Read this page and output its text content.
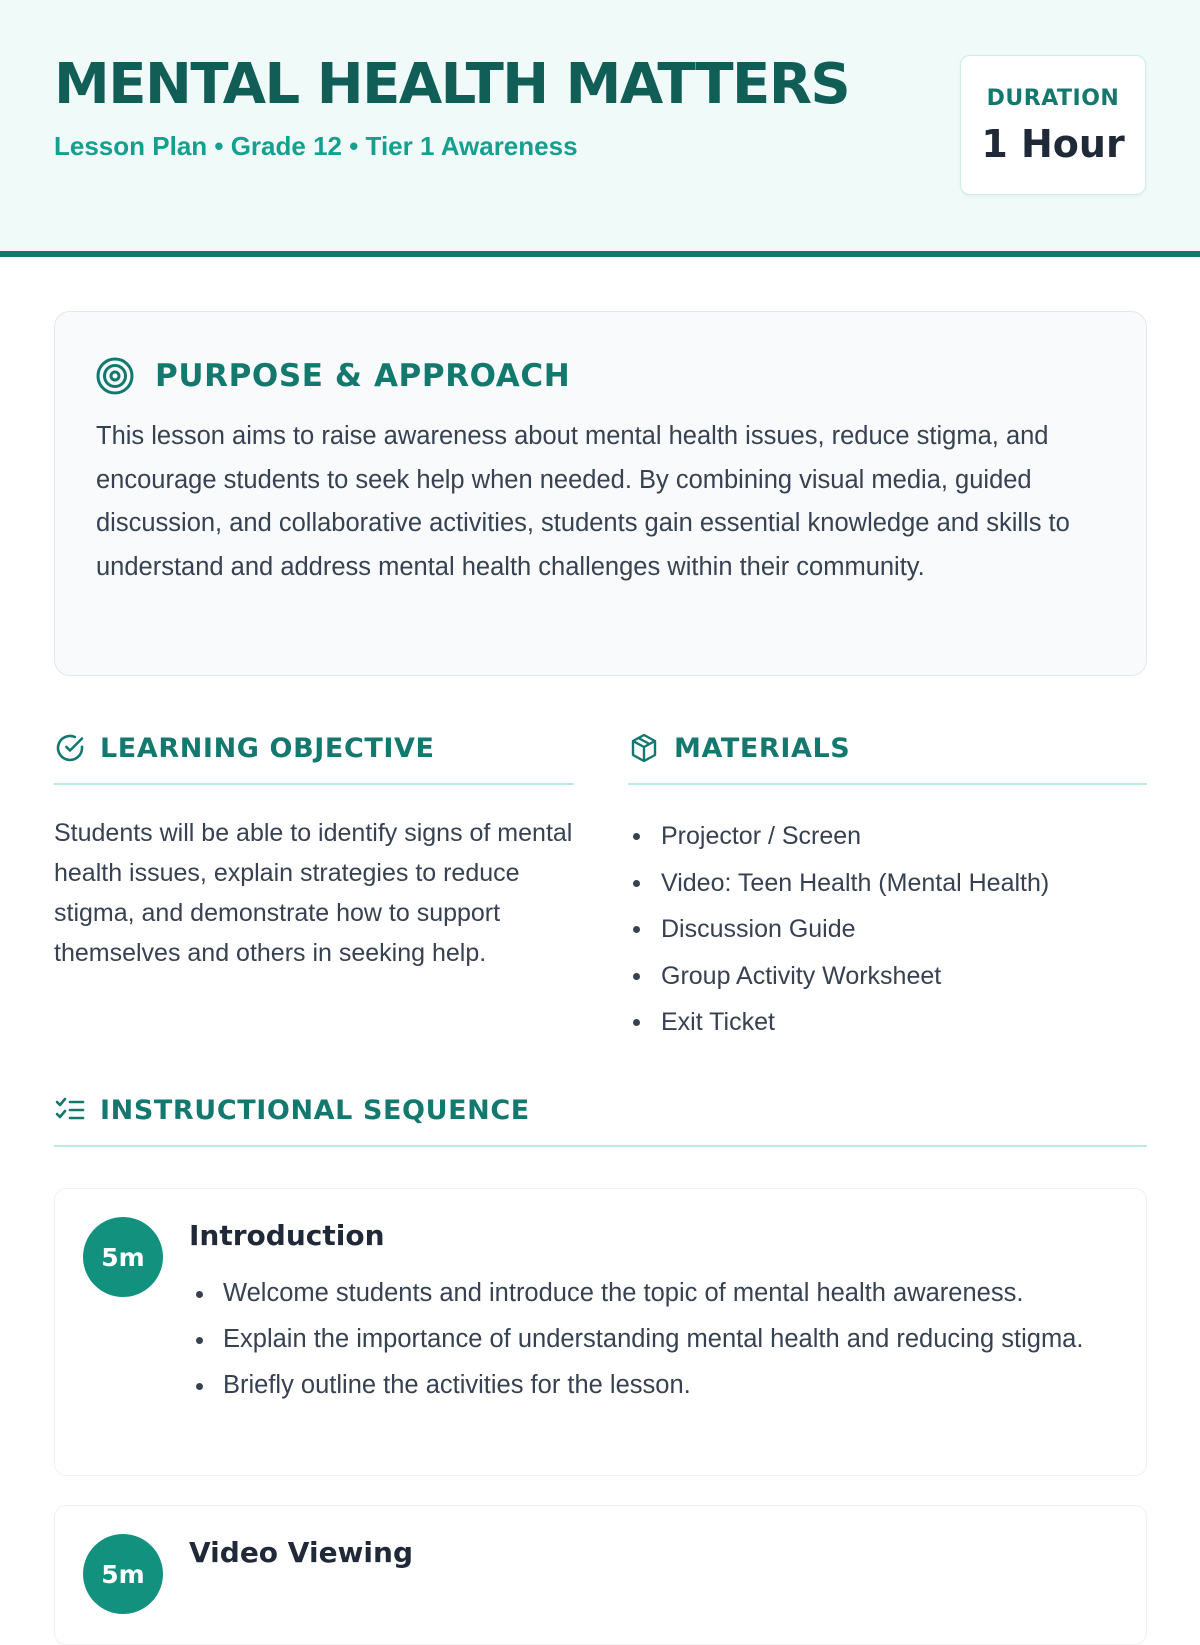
MENTAL HEALTH MATTERS
Lesson Plan • Grade 12 • Tier 1 Awareness
DURATION
1 Hour
PURPOSE & APPROACH

This lesson aims to raise awareness about mental health issues, reduce stigma, and encourage students to seek help when needed. By combining visual media, guided discussion, and collaborative activities, students gain essential knowledge and skills to understand and address mental health challenges within their community.

LEARNING OBJECTIVE

Students will be able to identify signs of mental health issues, explain strategies to reduce stigma, and demonstrate how to support themselves and others in seeking help.

MATERIALS
Projector / Screen
Video: Teen Health (Mental Health)
Discussion Guide
Group Activity Worksheet
Exit Ticket
INSTRUCTIONAL SEQUENCE
5m
Introduction
Welcome students and introduce the topic of mental health awareness.
Explain the importance of understanding mental health and reducing stigma.
Briefly outline the activities for the lesson.
5m
Video Viewing
